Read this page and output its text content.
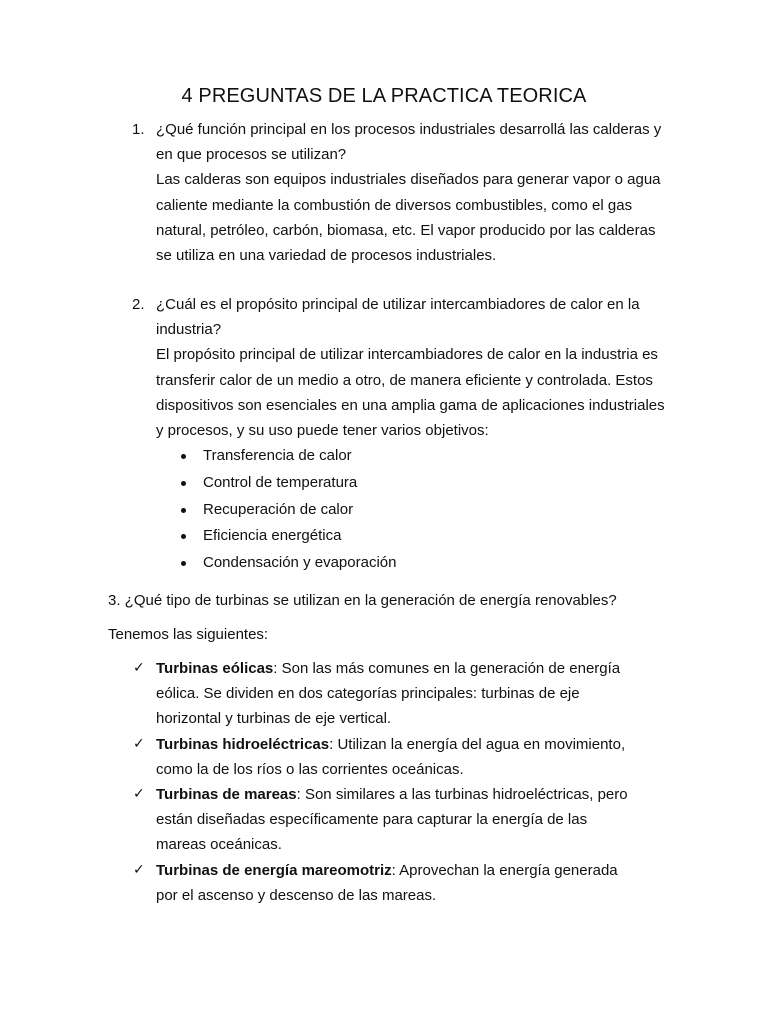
4 PREGUNTAS DE LA PRACTICA TEORICA
1. ¿Qué función principal en los procesos industriales desarrollá las calderas y en que procesos se utilizan?

Las calderas son equipos industriales diseñados para generar vapor o agua caliente mediante la combustión de diversos combustibles, como el gas natural, petróleo, carbón, biomasa, etc. El vapor producido por las calderas se utiliza en una variedad de procesos industriales.

2. ¿Cuál es el propósito principal de utilizar intercambiadores de calor en la industria?

El propósito principal de utilizar intercambiadores de calor en la industria es transferir calor de un medio a otro, de manera eficiente y controlada. Estos dispositivos son esenciales en una amplia gama de aplicaciones industriales y procesos, y su uso puede tener varios objetivos:

Transferencia de calor
Control de temperatura
Recuperación de calor
Eficiencia energética
Condensación y evaporación
3. ¿Qué tipo de turbinas se utilizan en la generación de energía renovables?
Tenemos las siguientes:
✓ Turbinas eólicas: Son las más comunes en la generación de energía eólica. Se dividen en dos categorías principales: turbinas de eje horizontal y turbinas de eje vertical.
✓ Turbinas hidroeléctricas: Utilizan la energía del agua en movimiento, como la de los ríos o las corrientes oceánicas.
✓ Turbinas de mareas: Son similares a las turbinas hidroeléctricas, pero están diseñadas específicamente para capturar la energía de las mareas oceánicas.
✓ Turbinas de energía mareomotriz: Aprovechan la energía generada por el ascenso y descenso de las mareas.
